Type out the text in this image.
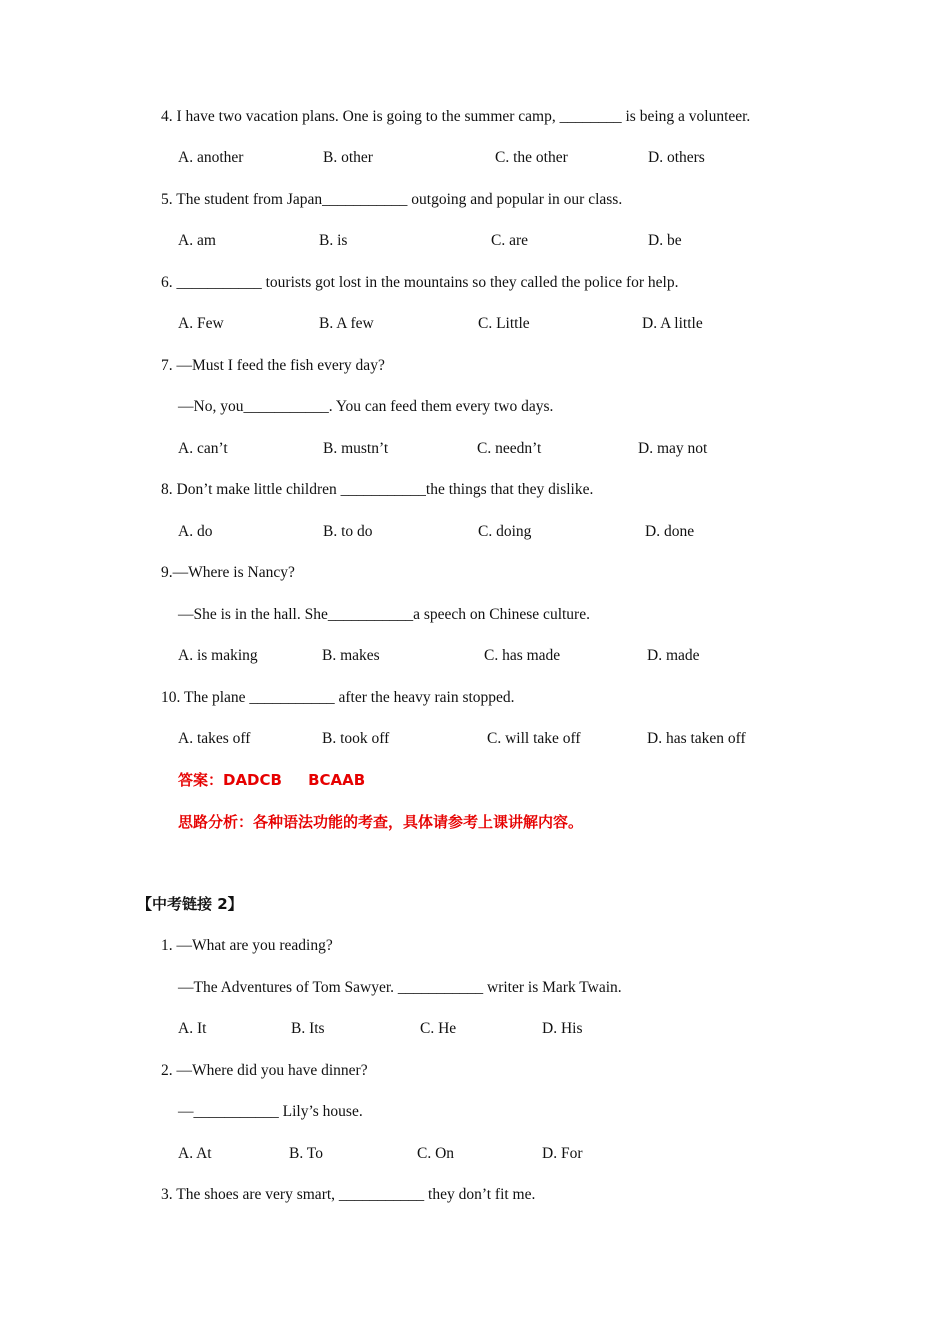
4. I have two vacation plans. One is going to the summer camp, ________ is being a volunteer.
A. another	B. other	C. the other	D. others
5. The student from Japan___________ outgoing and popular in our class.
A. am	B. is	C. are	D. be
6. ___________ tourists got lost in the mountains so they called the police for help.
A. Few	B. A few	C. Little	D. A little
7. —Must I feed the fish every day?
—No, you___________. You can feed them every two days.
A. can’t	B. mustn’t	C. needn’t	D. may not
8. Don’t make little children ___________the things that they dislike.
A. do	B. to do	C. doing	D. done
9.—Where is Nancy?
—She is in the hall. She___________a speech on Chinese culture.
A. is making	B. makes	C. has made	D. made
10. The plane ___________ after the heavy rain stopped.
A. takes off	B. took off	C. will take off	D. has taken off
答案：DADCB     BCAAB
思路分析：各种语法功能的考查，具体请参考上课讲解内容。
【中考链接 2】
1. —What are you reading?
—The Adventures of Tom Sawyer. ___________ writer is Mark Twain.
A. It	B. Its	C. He	D. His
2. —Where did you have dinner?
—___________ Lily’s house.
A. At	B. To	C. On	D. For
3. The shoes are very smart, ___________ they don’t fit me.
